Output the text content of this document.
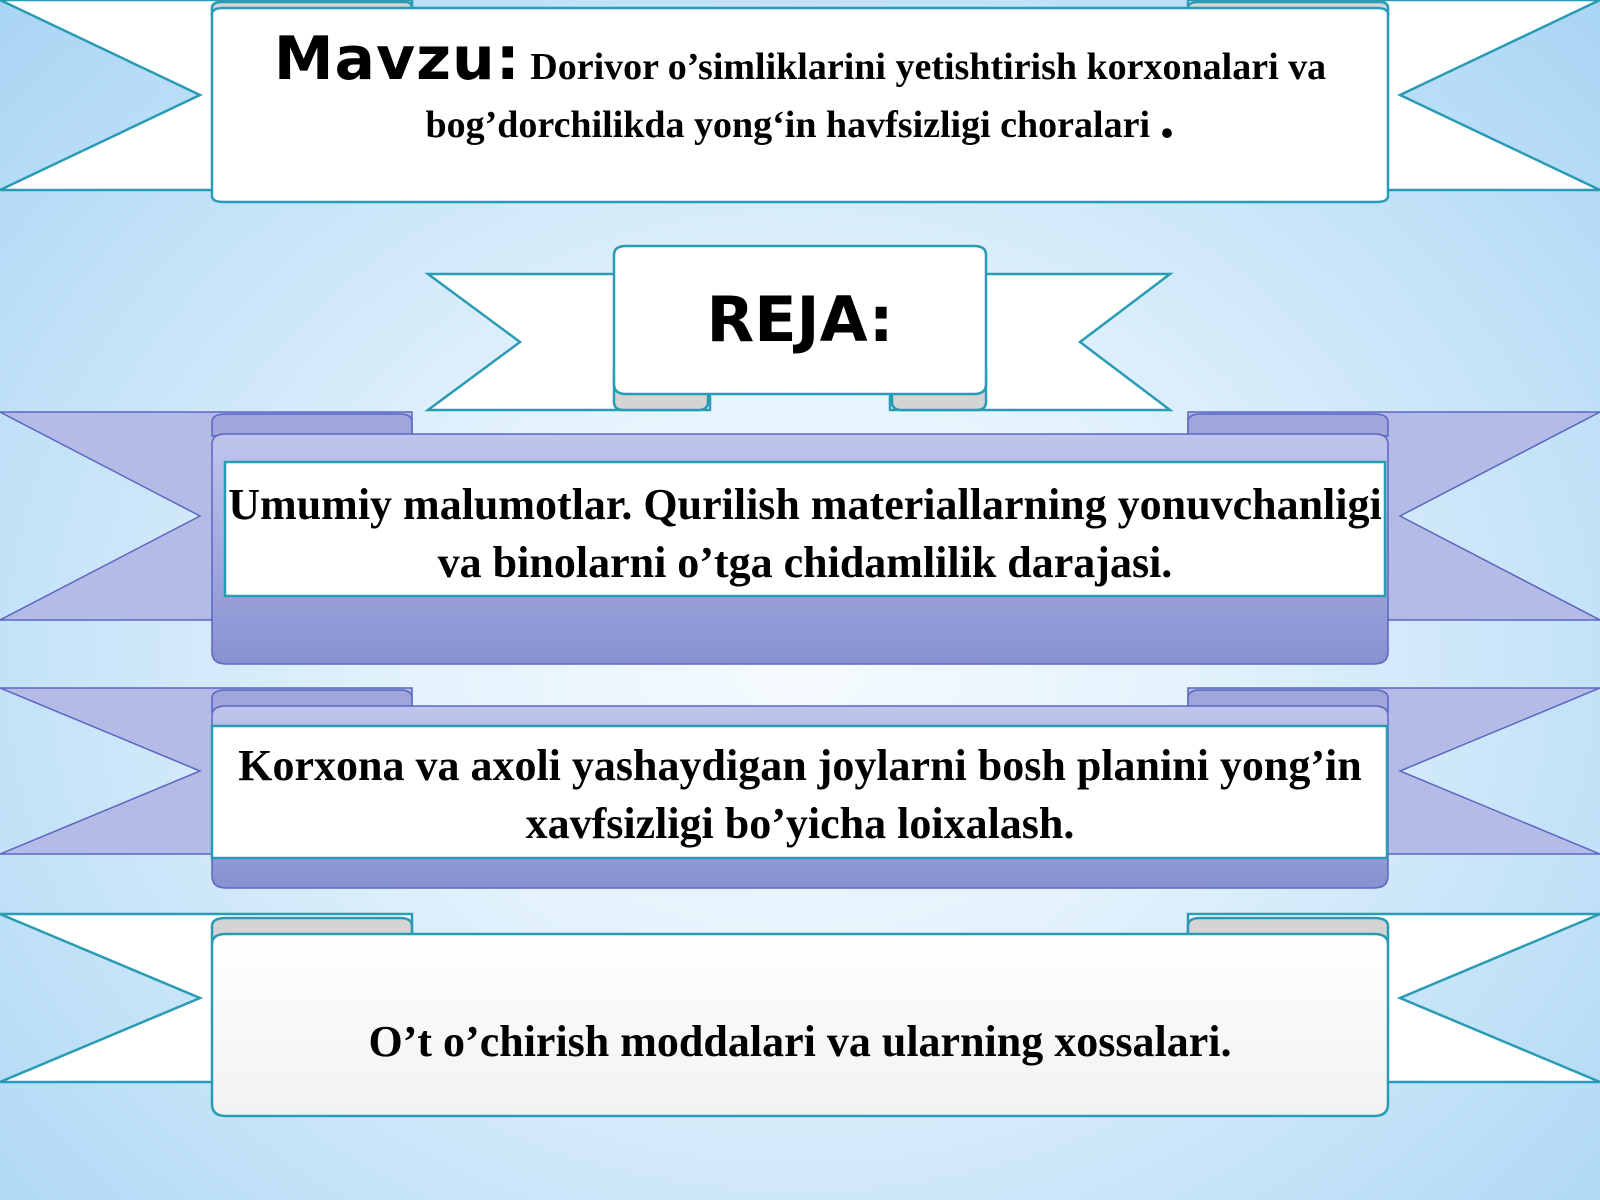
Mavzu: Dorivor o’simliklarini yetishtirish korxonalari va bog’dorchilikda yong‘in havfsizligi choralari .
REJA:
Umumiy malumotlar. Qurilish materiallarning yonuvchanligi va binolarni o’tga chidamlilik darajasi.
Korxona va axoli yashaydigan joylarni bosh planini yong’in xavfsizligi bo’yicha loixalash.
O’t o’chirish moddalari va ularning xossalari.
